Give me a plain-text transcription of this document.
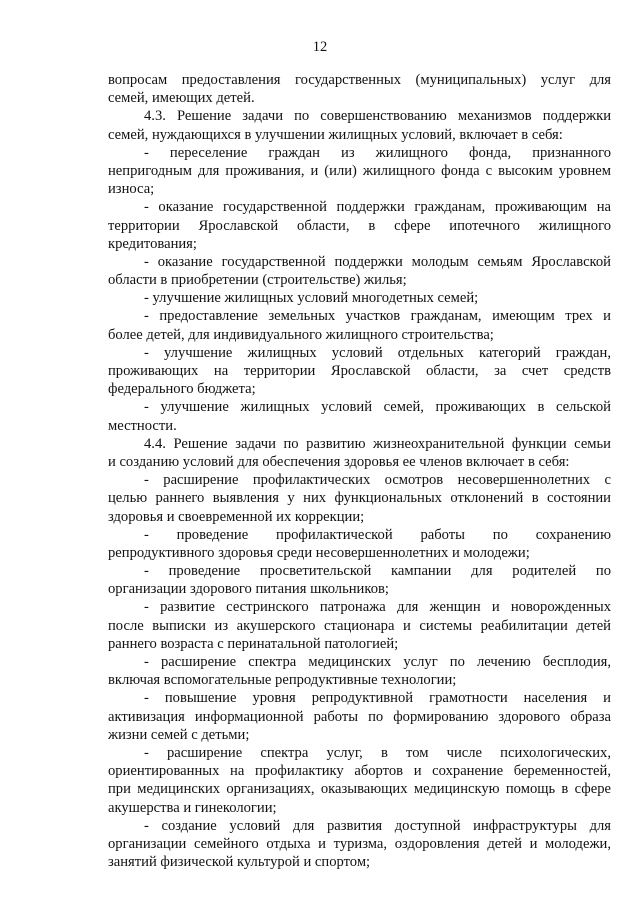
12
вопросам предоставления государственных (муниципальных) услуг для
семей, имеющих детей.
4.3. Решение задачи по совершенствованию механизмов поддержки
семей, нуждающихся в улучшении жилищных условий, включает в себя:
- переселение граждан из жилищного фонда, признанного
непригодным для проживания, и (или) жилищного фонда с высоким уровнем
износа;
- оказание государственной поддержки гражданам, проживающим на
территории Ярославской области, в сфере ипотечного жилищного
кредитования;
- оказание государственной поддержки молодым семьям Ярославской
области в приобретении (строительстве) жилья;
- улучшение жилищных условий многодетных семей;
- предоставление земельных участков гражданам, имеющим трех и
более детей, для индивидуального жилищного строительства;
- улучшение жилищных условий отдельных категорий граждан,
проживающих на территории Ярославской области, за счет средств
федерального бюджета;
- улучшение жилищных условий семей, проживающих в сельской
местности.
4.4. Решение задачи по развитию жизнеохранительной функции семьи
и созданию условий для обеспечения здоровья ее членов включает в себя:
- расширение профилактических осмотров несовершеннолетних с
целью раннего выявления у них функциональных отклонений в состоянии
здоровья и своевременной их коррекции;
- проведение профилактической работы по сохранению
репродуктивного здоровья среди несовершеннолетних и молодежи;
- проведение просветительской кампании для родителей по
организации здорового питания школьников;
- развитие сестринского патронажа для женщин и новорожденных
после выписки из акушерского стационара и системы реабилитации детей
раннего возраста с перинатальной патологией;
- расширение спектра медицинских услуг по лечению бесплодия,
включая вспомогательные репродуктивные технологии;
- повышение уровня репродуктивной грамотности населения и
активизация информационной работы по формированию здорового образа
жизни семей с детьми;
- расширение спектра услуг, в том числе психологических,
ориентированных на профилактику абортов и сохранение беременностей,
при медицинских организациях, оказывающих медицинскую помощь в сфере
акушерства и гинекологии;
- создание условий для развития доступной инфраструктуры для
организации семейного отдыха и туризма, оздоровления детей и молодежи,
занятий физической культурой и спортом;
